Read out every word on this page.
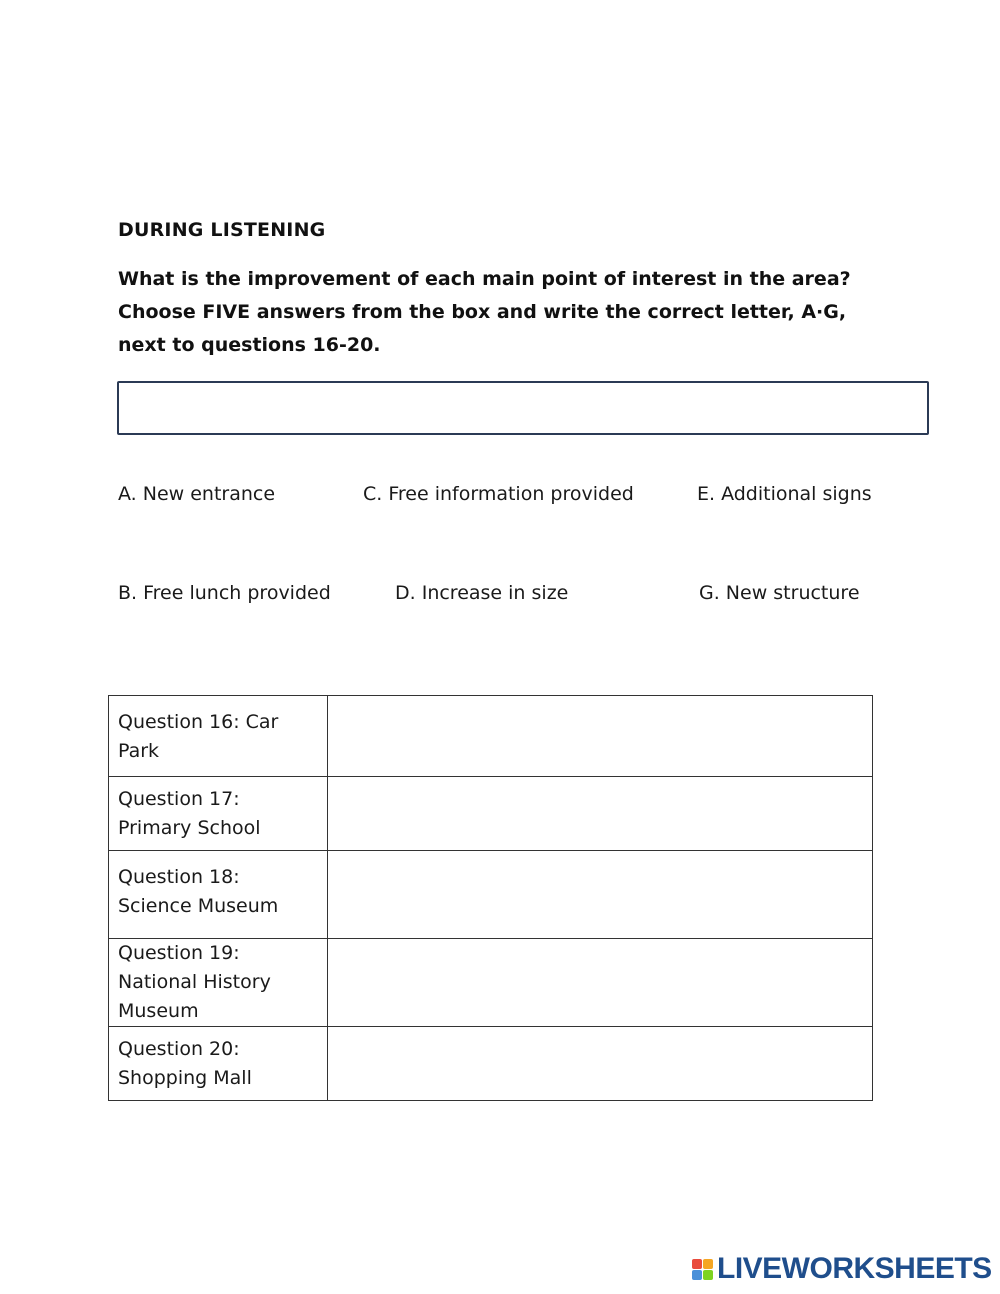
DURING LISTENING
What is the improvement of each main point of interest in the area?
Choose FIVE answers from the box and write the correct letter, A·G,
next to questions 16-20.
A. New entrance	C. Free information provided	E. Additional signs
B. Free lunch provided	D. Increase in size	G. New structure
Question 16: Car
Park	

Question 17:
Primary School	

Question 18:
Science Museum	

Question 19:
National History
Museum	

Question 20:
Shopping Mall	

LIVEWORKSHEETS
